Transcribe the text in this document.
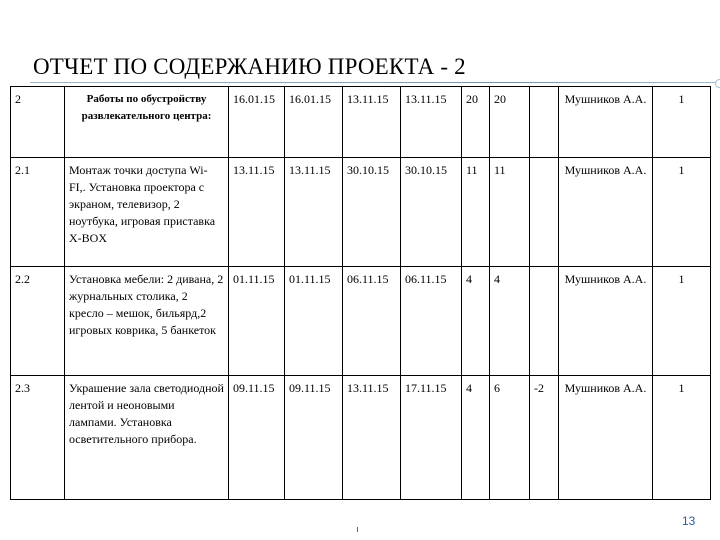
ОТЧЕТ ПО СОДЕРЖАНИЮ ПРОЕКТА - 2
2	Работы по обустройству развлекательного центра:	16.01.15	16.01.15	13.11.15	13.11.15	20	20		Мушников А.А.	1
2.1	Монтаж точки доступа Wi- FI,. Установка проектора с экраном, телевизор, 2 ноутбука, игровая приставка X-BOX	13.11.15	13.11.15	30.10.15	30.10.15	11	11		Мушников А.А.	1
2.2	Установка мебели: 2 дивана, 2 журнальных столика, 2 кресло – мешок, бильярд,2 игровых коврика, 5 банкеток	01.11.15	01.11.15	06.11.15	06.11.15	4	4		Мушников А.А.	1
2.3	Украшение зала светодиодной лентой и неоновыми лампами. Установка осветительного прибора.	09.11.15	09.11.15	13.11.15	17.11.15	4	6	-2	Мушников А.А.	1
13
